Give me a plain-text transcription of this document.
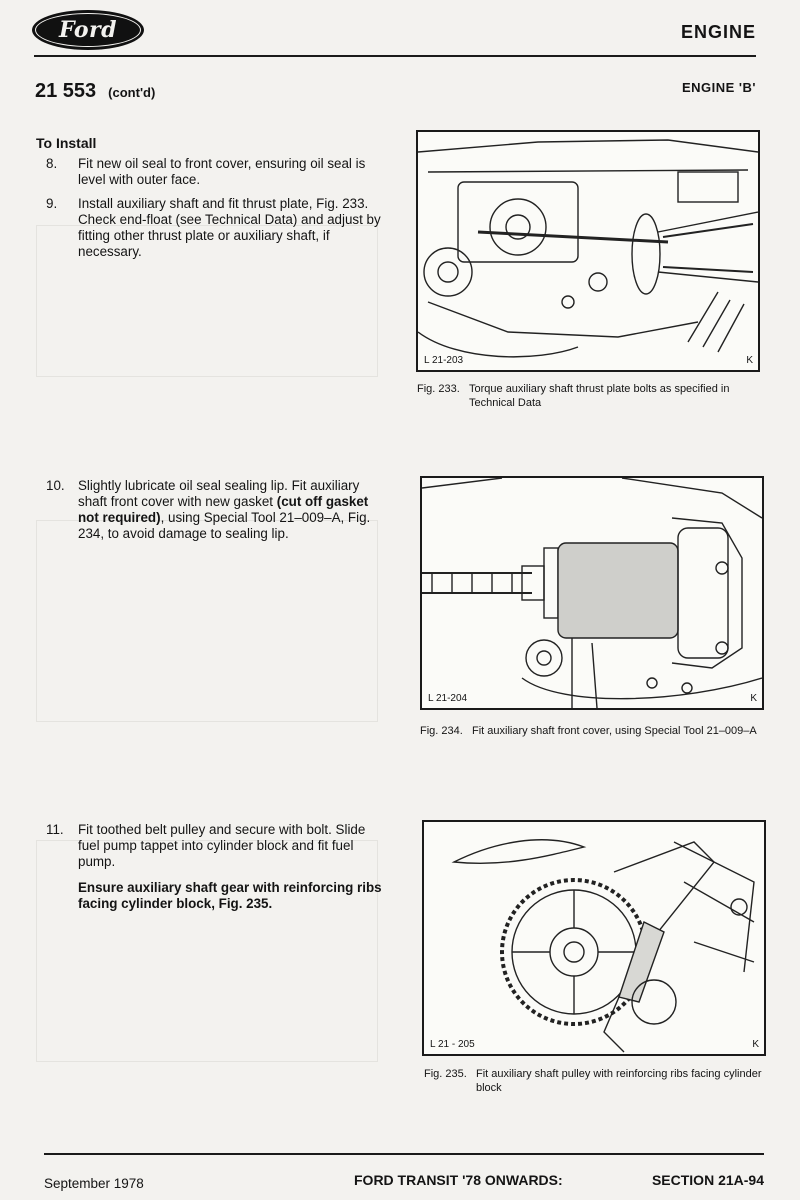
Ford	ENGINE
21 553 (cont'd)	ENGINE 'B'
To Install
8. Fit new oil seal to front cover, ensuring oil seal is level with outer face.

9. Install auxiliary shaft and fit thrust plate, Fig. 233. Check end-float (see Technical Data) and adjust by fitting other thrust plate or auxiliary shaft, if necessary.

10. Slightly lubricate oil seal sealing lip. Fit auxiliary shaft front cover with new gasket (cut off gasket not required), using Special Tool 21–009–A, Fig. 234, to avoid damage to sealing lip.

11. Fit toothed belt pulley and secure with bolt. Slide fuel pump tappet into cylinder block and fit fuel pump.

Ensure auxiliary shaft gear with reinforcing ribs facing cylinder block, Fig. 235.

L 21-203	K
Fig. 233. Torque auxiliary shaft thrust plate bolts as specified in Technical Data
L 21-204	K
Fig. 234. Fit auxiliary shaft front cover, using Special Tool 21–009–A
L 21 - 205	K
Fig. 235. Fit auxiliary shaft pulley with reinforcing ribs facing cylinder block
September 1978	FORD TRANSIT '78 ONWARDS:	SECTION 21A-94
